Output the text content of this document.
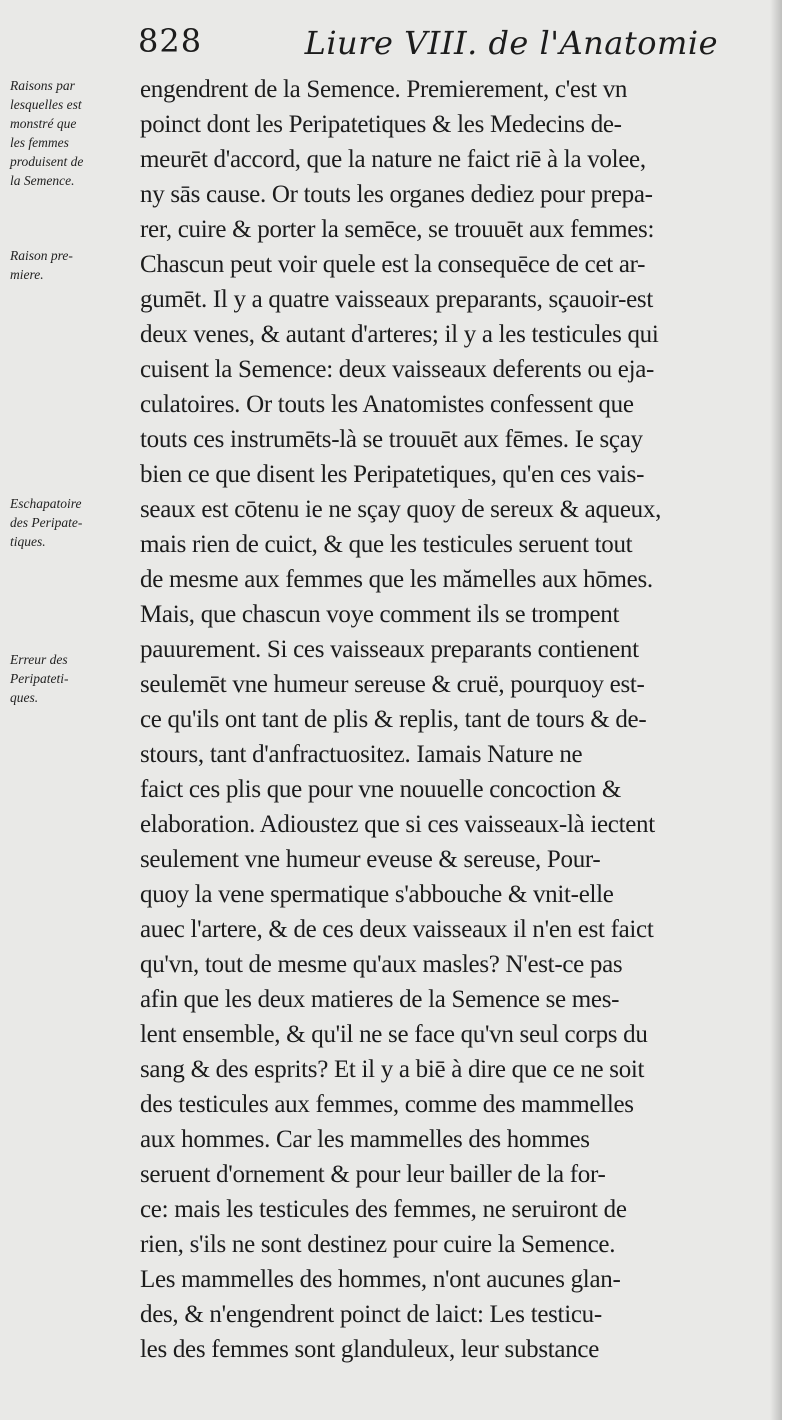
828	Liure VIII. de l'Anatomie
Raisons par
lesquelles est
monstré que
les femmes
produisent de
la Semence.
Raison pre-
miere.
Eschapatoire
des Peripate-
tiques.
Erreur des
Peripateti-
ques.
engendrent de la Semence. Premierement, c'est vn
poinct dont les Peripatetiques & les Medecins de-
meurēt d'accord, que la nature ne faict riē à la volee,
ny sās cause. Or touts les organes dediez pour prepa-
rer, cuire & porter la semēce, se trouuēt aux femmes:
Chascun peut voir quele est la consequēce de cet ar-
gumēt. Il y a quatre vaisseaux preparants, sçauoir-est
deux venes, & autant d'arteres; il y a les testicules qui
cuisent la Semence: deux vaisseaux deferents ou eja-
culatoires. Or touts les Anatomistes confessent que
touts ces instrumēts-là se trouuēt aux fēmes. Ie sçay
bien ce que disent les Peripatetiques, qu'en ces vais-
seaux est cōtenu ie ne sçay quoy de sereux & aqueux,
mais rien de cuict, & que les testicules seruent tout
de mesme aux femmes que les mămelles aux hōmes.
Mais, que chascun voye comment ils se trompent
pauurement. Si ces vaisseaux preparants contienent
seulemēt vne humeur sereuse & cruë, pourquoy est-
ce qu'ils ont tant de plis & replis, tant de tours & de-
stours, tant d'anfractuositez. Iamais Nature ne
faict ces plis que pour vne nouuelle concoction &
elaboration. Adioustez que si ces vaisseaux-là iectent
seulement vne humeur eveuse & sereuse, Pour-
quoy la vene spermatique s'abbouche & vnit-elle
auec l'artere, & de ces deux vaisseaux il n'en est faict
qu'vn, tout de mesme qu'aux masles? N'est-ce pas
afin que les deux matieres de la Semence se mes-
lent ensemble, & qu'il ne se face qu'vn seul corps du
sang & des esprits? Et il y a biē à dire que ce ne soit
des testicules aux femmes, comme des mammelles
aux hommes. Car les mammelles des hommes
seruent d'ornement & pour leur bailler de la for-
ce: mais les testicules des femmes, ne seruiront de
rien, s'ils ne sont destinez pour cuire la Semence.
Les mammelles des hommes, n'ont aucunes glan-
des, & n'engendrent poinct de laict: Les testicu-
les des femmes sont glanduleux, leur substance
